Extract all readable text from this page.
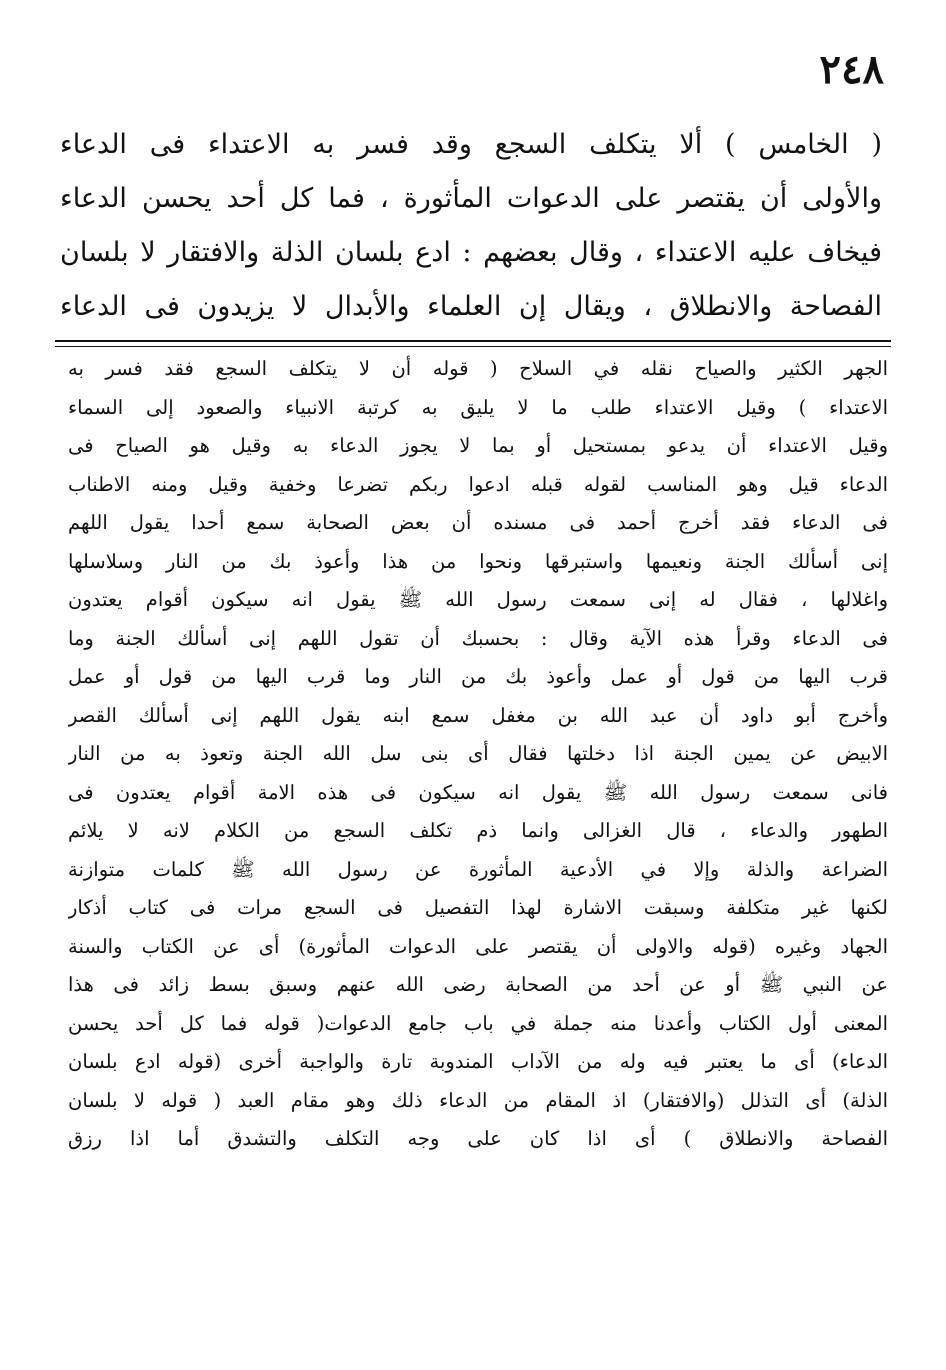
٢٤٨
( الخامس ) ألا يتكلف السجع وقد فسر به الاعتداء فى الدعاء
والأولى أن يقتصر على الدعوات المأثورة ، فما كل أحد يحسن الدعاء
فيخاف عليه الاعتداء ، وقال بعضهم : ادع بلسان الذلة والافتقار لا بلسان
الفصاحة والانطلاق ، ويقال إن العلماء والأبدال لا يزيدون فى الدعاء
الجهر الكثير والصياح نقله في السلاح ( قوله أن لا يتكلف السجع فقد فسر به
الاعتداء ) وقيل الاعتداء طلب ما لا يليق به كرتبة الانبياء والصعود إلى السماء
وقيل الاعتداء أن يدعو بمستحيل أو بما لا يجوز الدعاء به وقيل هو الصياح فى
الدعاء قيل وهو المناسب لقوله قبله ادعوا ربكم تضرعا وخفية وقيل ومنه الاطناب
فى الدعاء فقد أخرج أحمد فى مسنده أن بعض الصحابة سمع أحدا يقول اللهم
إنى أسألك الجنة ونعيمها واستبرقها ونحوا من هذا وأعوذ بك من النار وسلاسلها
واغلالها ، فقال له إنى سمعت رسول الله ﷺ يقول انه سيكون أقوام يعتدون
فى الدعاء وقرأ هذه الآية وقال : بحسبك أن تقول اللهم إنى أسألك الجنة وما
قرب اليها من قول أو عمل وأعوذ بك من النار وما قرب اليها من قول أو عمل
وأخرج أبو داود أن عبد الله بن مغفل سمع ابنه يقول اللهم إنى أسألك القصر
الابيض عن يمين الجنة اذا دخلتها فقال أى بنى سل الله الجنة وتعوذ به من النار
فانى سمعت رسول الله ﷺ يقول انه سيكون فى هذه الامة أقوام يعتدون فى
الطهور والدعاء ، قال الغزالى وانما ذم تكلف السجع من الكلام لانه لا يلائم
الضراعة والذلة وإلا في الأدعية المأثورة عن رسول الله ﷺ كلمات متوازنة
لكنها غير متكلفة وسبقت الاشارة لهذا التفصيل فى السجع مرات فى كتاب أذكار
الجهاد وغيره (قوله والاولى أن يقتصر على الدعوات المأثورة) أى عن الكتاب والسنة
عن النبي ﷺ أو عن أحد من الصحابة رضى الله عنهم وسبق بسط زائد فى هذا
المعنى أول الكتاب وأعدنا منه جملة في باب جامع الدعوات( قوله فما كل أحد يحسن
الدعاء) أى ما يعتبر فيه وله من الآداب المندوبة تارة والواجبة أخرى (قوله ادع بلسان
الذلة) أى التذلل (والافتقار) اذ المقام من الدعاء ذلك وهو مقام العبد ( قوله لا بلسان
الفصاحة والانطلاق ) أى اذا كان على وجه التكلف والتشدق أما اذا رزق
